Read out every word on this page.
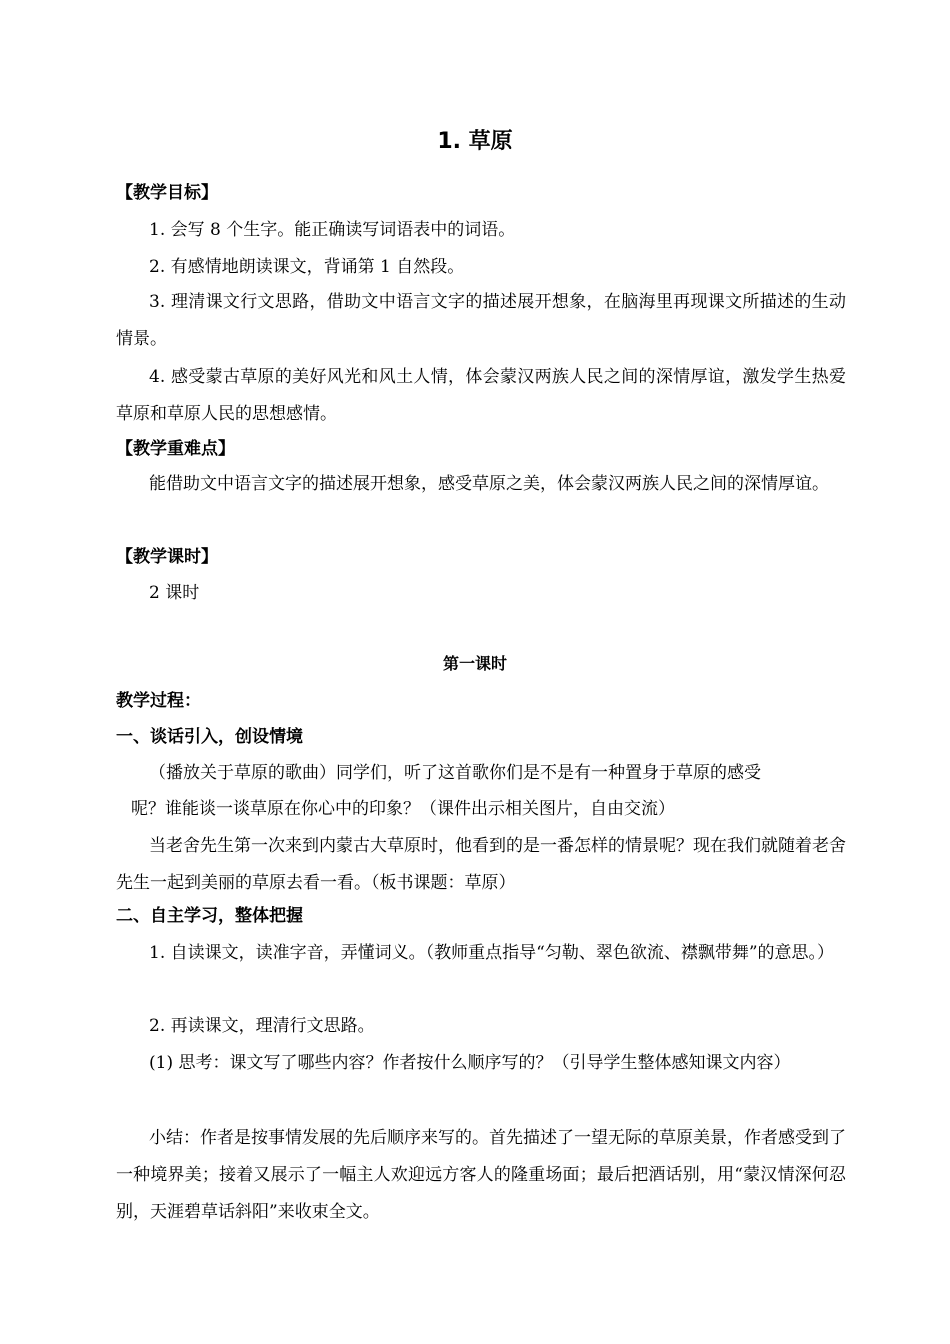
1. 草原
【教学目标】
1. 会写 8 个生字。能正确读写词语表中的词语。
2. 有感情地朗读课文，背诵第 1 自然段。
3. 理清课文行文思路，借助文中语言文字的描述展开想象，在脑海里再现课文所描述的生动情景。
4. 感受蒙古草原的美好风光和风土人情，体会蒙汉两族人民之间的深情厚谊，激发学生热爱草原和草原人民的思想感情。
【教学重难点】
能借助文中语言文字的描述展开想象，感受草原之美，体会蒙汉两族人民之间的深情厚谊。
【教学课时】
2 课时
第一课时
教学过程：
一、谈话引入，创设情境
（播放关于草原的歌曲）同学们，听了这首歌你们是不是有一种置身于草原的感受
呢？谁能谈一谈草原在你心中的印象？（课件出示相关图片，自由交流）
当老舍先生第一次来到内蒙古大草原时，他看到的是一番怎样的情景呢？现在我们就随着老舍先生一起到美丽的草原去看一看。（板书课题：草原）
二、自主学习，整体把握
1. 自读课文，读准字音，弄懂词义。（教师重点指导“匀勒、翠色欲流、襟飘带舞”的意思。）
2. 再读课文，理清行文思路。
(1) 思考：课文写了哪些内容？作者按什么顺序写的？（引导学生整体感知课文内容）
小结：作者是按事情发展的先后顺序来写的。首先描述了一望无际的草原美景，作者感受到了一种境界美；接着又展示了一幅主人欢迎远方客人的隆重场面；最后把酒话别，用“蒙汉情深何忍别，天涯碧草话斜阳”来收束全文。
